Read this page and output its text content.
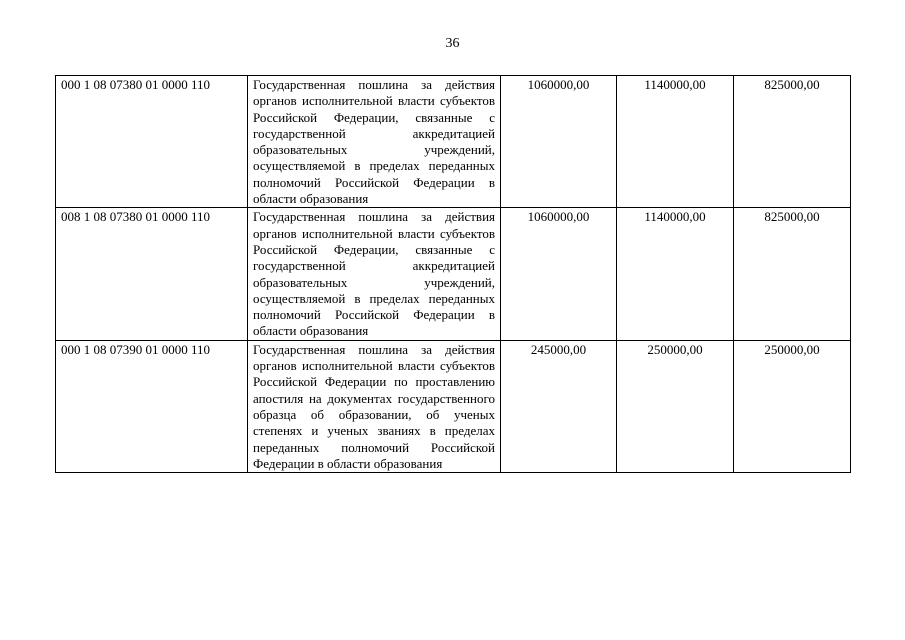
36
000 1 08 07380 01 0000 110	Государственная пошлина за действия органов исполнительной власти субъектов Российской Федерации, связанные с государственной аккредитацией образовательных учреждений, осуществляемой в пределах переданных полномочий Российской Федерации в области образования	1060000,00	1140000,00	825000,00
008 1 08 07380 01 0000 110	Государственная пошлина за действия органов исполнительной власти субъектов Российской Федерации, связанные с государственной аккредитацией образовательных учреждений, осуществляемой в пределах переданных полномочий Российской Федерации в области образования	1060000,00	1140000,00	825000,00
000 1 08 07390 01 0000 110	Государственная пошлина за действия органов исполнительной власти субъектов Российской Федерации по проставлению апостиля на документах государственного образца об образовании, об ученых степенях и ученых званиях в пределах переданных полномочий Российской Федерации в области образования	245000,00	250000,00	250000,00
